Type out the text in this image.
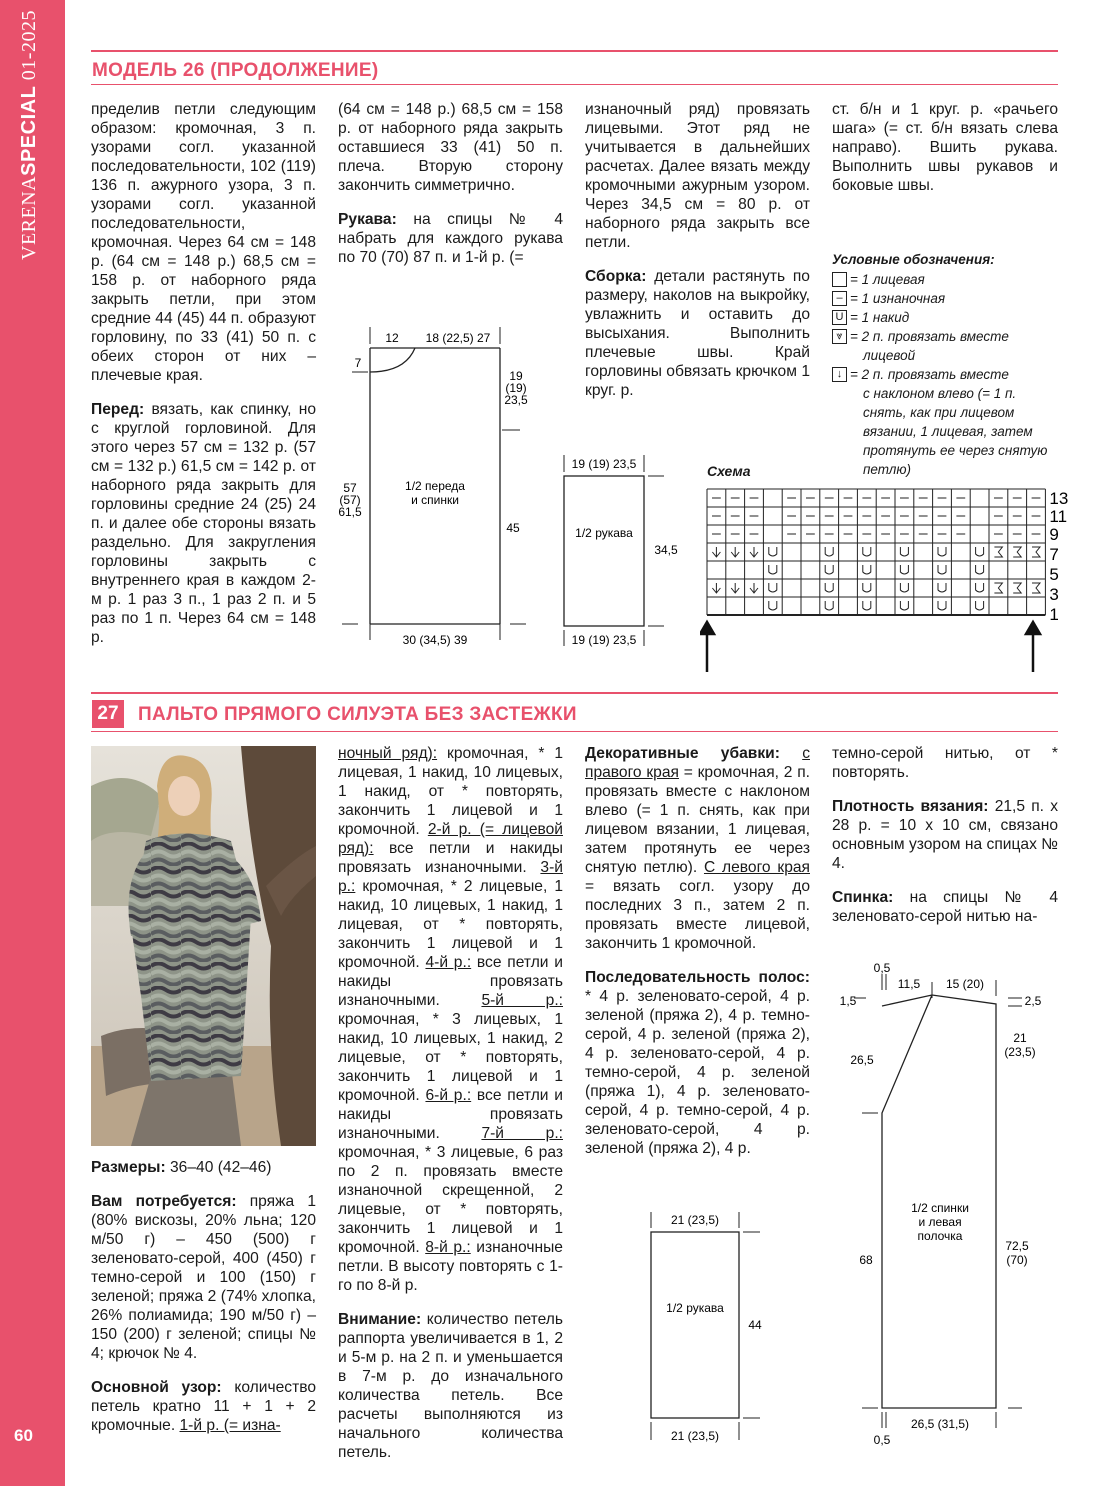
VERENASPECIAL 01-2025
60
МОДЕЛЬ 26 (ПРОДОЛЖЕНИЕ)

пределив петли следующим образом: кромочная, 3 п. узорами согл. указанной последовательности, 102 (119) 136 п. ажурного узора, 3 п. узорами согл. указанной последовательности, кромочная. Через 64 см = 148 р. (64 см = 148 р.) 68,5 см = 158 р. от наборного ряда закрыть петли, при этом средние 44 (45) 44 п. образуют горловину, по 33 (41) 50 п. с обеих сторон от них – плечевые края.

Перед: вязать, как спинку, но с круглой горловиной. Для этого через 57 см = 132 р. (57 см = 132 р.) 61,5 см = 142 р. от наборного ряда закрыть для горловины средние 24 (25) 24 п. и далее обе стороны вязать раздельно. Для закругления горловины закрыть с внутреннего края в каждом 2-м р. 1 раз 3 п., 1 раз 2 п. и 5 раз по 1 п. Через 64 см = 148 р.

(64 см = 148 р.) 68,5 см = 158 р. от наборного ряда закрыть оставшиеся 33 (41) 50 п. плеча. Вторую сторону закончить симметрично.

Рукава: на спицы № 4 набрать для каждого рукава по 70 (70) 87 п. и 1-й р. (=

изнаночный ряд) провязать лицевыми. Этот ряд не учитывается в дальнейших расчетах. Далее вязать между кромочными ажурным узором. Через 34,5 см = 80 р. от наборного ряда закрыть все петли.

Сборка: детали растянуть по размеру, наколов на выкройку, увлажнить и оставить до высыхания. Выполнить плечевые швы. Край горловины обвязать крючком 1 круг. р.

ст. б/н и 1 круг. р. «рачьего шага» (= ст. б/н вязать слева направо). Вшить рукава. Выполнить швы рукавов и боковые швы.

Условные обозначения:
= 1 лицевая
– = 1 изнаночная
U = 1 накид
⩔ = 2 п. провязать вместе
лицевой
↓ = 2 п. провязать вместе
с наклоном влево (= 1 п.
снять, как при лицевом вязании, 1 лицевая, затем протянуть ее через снятую петлю)
12 18 (22,5) 27
7
19
(19)
23,5
57
(57)
61,5
1/2 переда
и спинки
45
30 (34,5) 39
19 (19) 23,5
1/2 рукава
34,5
19 (19) 23,5
Схема
13
11
9
7
5
3
1
27 ПАЛЬТО ПРЯМОГО СИЛУЭТА БЕЗ ЗАСТЕЖКИ

Размеры: 36–40 (42–46)

Вам потребуется: пряжа 1 (80% вискозы, 20% льна; 120 м/50 г) – 450 (500) г зеленовато-серой, 400 (450) г темно-серой и 100 (150) г зеленой; пряжа 2 (74% хлопка, 26% полиамида; 190 м/50 г) – 150 (200) г зеленой; спицы № 4; крючок № 4.

Основной узор: количество петель кратно 11 + 1 + 2 кромочные. 1-й р. (= изна-

ночный ряд): кромочная, * 1 лицевая, 1 накид, 10 лицевых, 1 накид, от * повторять, закончить 1 лицевой и 1 кромочной. 2-й р. (= лицевой ряд): все петли и накиды провязать изнаночными. 3-й р.: кромочная, * 2 лицевые, 1 накид, 10 лицевых, 1 накид, 1 лицевая, от * повторять, закончить 1 лицевой и 1 кромочной. 4-й р.: все петли и накиды провязать изнаночными. 5-й р.: кромочная, * 3 лицевых, 1 накид, 10 лицевых, 1 накид, 2 лицевые, от * повторять, закончить 1 лицевой и 1 кромочной. 6-й р.: все петли и накиды провязать изнаночными. 7-й р.: кромочная, * 3 лицевые, 6 раз по 2 п. провязать вместе изнаночной скрещенной, 2 лицевые, от * повторять, закончить 1 лицевой и 1 кромочной. 8-й р.: изнаночные петли. В высоту повторять с 1-го по 8-й р.

Внимание: количество петель раппорта увеличивается в 1, 2 и 5-м р. на 2 п. и уменьшается в 7-м р. до изначального количества петель. Все расчеты выполняются из начального количества петель.

Декоративные убавки: с правого края = кромочная, 2 п. провязать вместе с наклоном влево (= 1 п. снять, как при лицевом вязании, 1 лицевая, затем протянуть ее через снятую петлю). С левого края = вязать согл. узору до последних 3 п., затем 2 п. провязать вместе лицевой, закончить 1 кромочной.

Последовательность полос: * 4 р. зеленовато-серой, 4 р. зеленой (пряжа 2), 4 р. темно-серой, 4 р. зеленой (пряжа 2), 4 р. зеленовато-серой, 4 р. темно-серой, 4 р. зеленой (пряжа 1), 4 р. зеленовато-серой, 4 р. темно-серой, 4 р. зеленовато-серой, 4 р. зеленой (пряжа 2), 4 р.

темно-серой нитью, от * повторять.

Плотность вязания: 21,5 п. х 28 р. = 10 х 10 см, связано основным узором на спицах № 4.

Спинка: на спицы № 4 зеленовато-серой нитью на-

21 (23,5)
1/2 рукава
44
21 (23,5)
0,5
11,5 15 (20)
1,5	2,5
21
(23,5)
26,5
1/2 спинки
и левая
полочка
68
72,5
(70)
26,5 (31,5)
0,5
